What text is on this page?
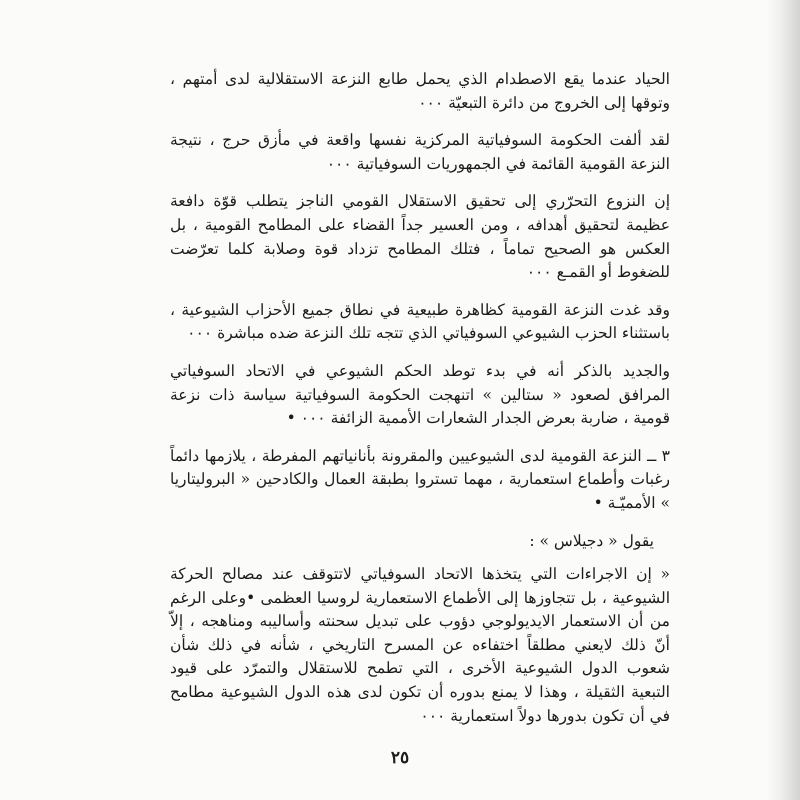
الحياد عندما يقع الاصطدام الذي يحمل طابع النزعة الاستقلالية لدى أمتهم ، وتوقها إلى الخروج من دائرة التبعيّة ٠٠٠

لقد ألفت الحكومة السوفياتية المركزية نفسها واقعة في مأزق حرج ، نتيجة النزعة القومية القائمة في الجمهوريات السوفياتية ٠٠٠

إن النزوع التحرّري إلى تحقيق الاستقلال القومي الناجز يتطلب قوّة دافعة عظيمة لتحقيق أهدافه ، ومن العسير جداً القضاء على المطامح القومية ، بل العكس هو الصحيح تماماً ، فتلك المطامح تزداد قوة وصلابة كلما تعرّضت للضغوط أو القمـع ٠٠٠

وقد غدت النزعة القومية كظاهرة طبيعية في نطاق جميع الأحزاب الشيوعية ، باستثناء الحزب الشيوعي السوفياتي الذي تتجه تلك النزعة ضده مباشرة ٠٠٠

والجديد بالذكر أنه في بدء توطد الحكم الشيوعي في الاتحاد السوفياتي المرافق لصعود « ستالين » اتنهجت الحكومة السوفياتية سياسة ذات نزعة قومية ، ضاربة بعرض الجدار الشعارات الأممية الزائفة ٠٠٠ •

٣ ــ النزعة القومية لدى الشيوعيين والمقرونة بأنانياتهم المفرطة ، يلازمها دائماً رغبات وأطماع استعمارية ، مهما تستروا بطبقة العمال والكادحين « البروليتاريا » الأمميّـة •

يقول « دجيلاس » :

« إن الاجراءات التي يتخذها الاتحاد السوفياتي لاتتوقف عند مصالح الحركة الشيوعية ، بل تتجاوزها إلى الأطماع الاستعمارية لروسيا العظمى •وعلى الرغم من أن الاستعمار الايديولوجي دؤوب على تبديل سحنته وأساليبه ومناهجه ، إلاّ أنّ ذلك لايعني مطلقاً اختفاءه عن المسرح التاريخي ، شأنه في ذلك شأن شعوب الدول الشيوعية الأخرى ، التي تطمح للاستقلال والتمرّد على قيود التبعية الثقيلة ، وهذا لا يمنع بدوره أن تكون لدى هذه الدول الشيوعية مطامح في أن تكون بدورها دولاً استعمارية ٠٠٠

٢٥
